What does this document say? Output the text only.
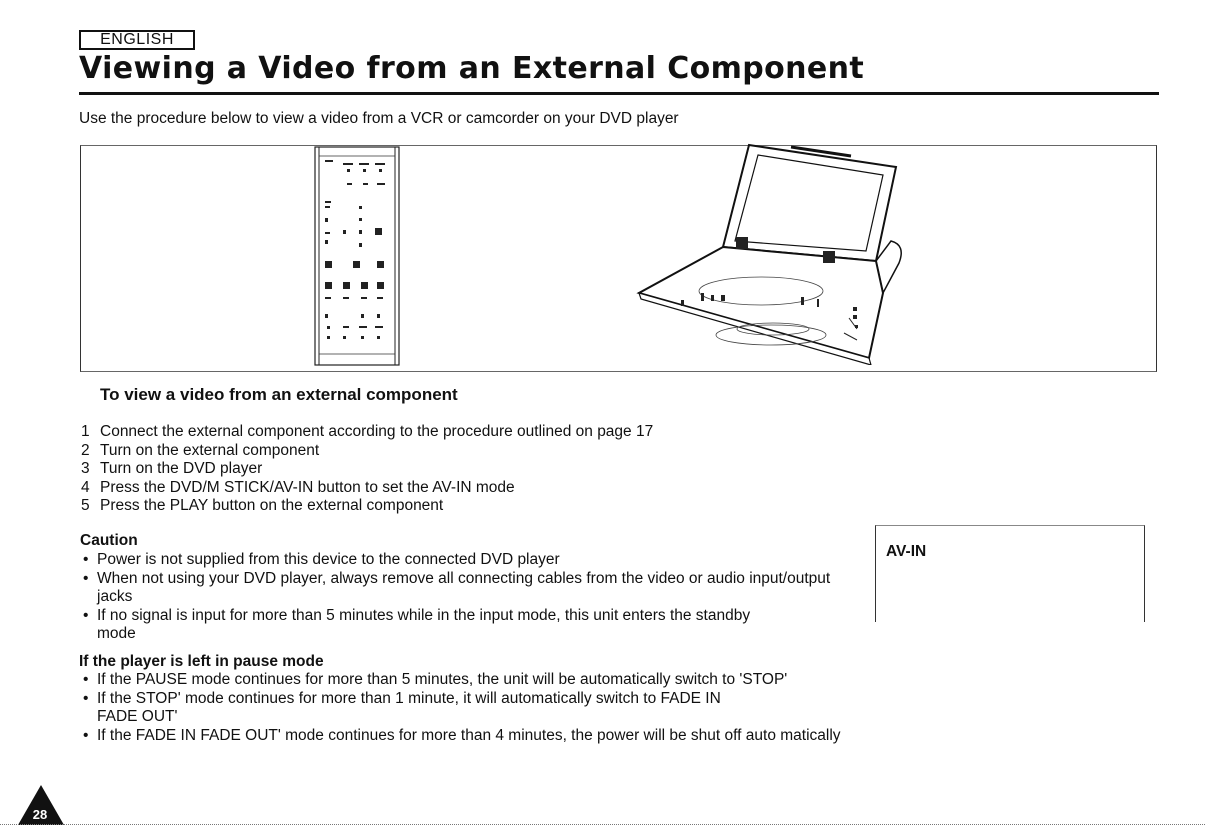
ENGLISH
Viewing a Video from an External Component

Use the procedure below to view a video from a VCR or camcorder on your DVD player

To view a video from an external component
1 Connect the external component according to the procedure outlined on page 17
2 Turn on the external component
3 Turn on the DVD player
4 Press the DVD/M STICK/AV-IN button to set the AV-IN mode
5 Press the PLAY button on the external component
Caution
• Power is not supplied from this device to the connected DVD player
• When not using your DVD player, always remove all connecting cables from the video or audio input/output jacks
• If no signal is input for more than 5 minutes while in the input mode, this unit enters the standby mode
If the player is left in pause mode
• If the PAUSE mode continues for more than 5 minutes, the unit will be automatically switch to 'STOP'
• If the STOP' mode continues for more than 1 minute, it will automatically switch to FADE IN FADE OUT'
• If the FADE IN FADE OUT' mode continues for more than 4 minutes, the power will be shut off auto matically
AV-IN
28
